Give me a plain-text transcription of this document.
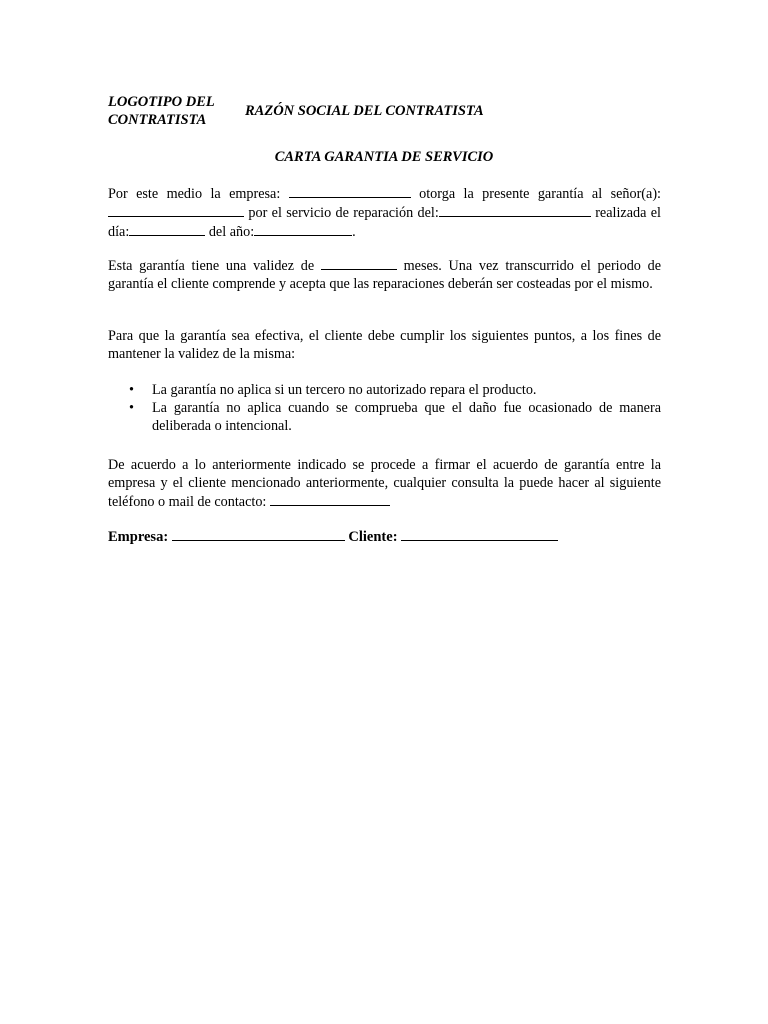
LOGOTIPO DEL CONTRATISTA
RAZÓN SOCIAL DEL CONTRATISTA
CARTA GARANTIA DE SERVICIO
Por este medio la empresa:	otorga la presente garantía al señor(a): por el servicio de reparación del:	realizada el día:	del año:	.
Esta garantía tiene una validez de	meses. Una vez transcurrido el periodo de garantía el cliente comprende y acepta que las reparaciones deberán ser costeadas por el mismo.
Para que la garantía sea efectiva, el cliente debe cumplir los siguientes puntos, a los fines de mantener la validez de la misma:
• La garantía no aplica si un tercero no autorizado repara el producto.
• La garantía no aplica cuando se comprueba que el daño fue ocasionado de manera deliberada o intencional.
De acuerdo a lo anteriormente indicado se procede a firmar el acuerdo de garantía entre la empresa y el cliente mencionado anteriormente, cualquier consulta la puede hacer al siguiente teléfono o mail de contacto:
Empresa:	Cliente:
